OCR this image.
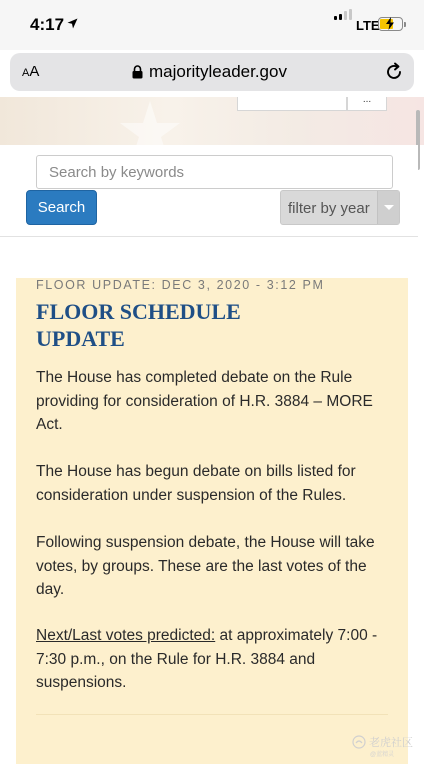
4:17	LTE
AA	majorityleader.gov
...
Search by keywords
Search	filter by year
FLOOR UPDATE: DEC 3, 2020 - 3:12 PM
FLOOR SCHEDULE
UPDATE
The House has completed debate on the Rule providing for consideration of H.R. 3884 – MORE Act.
The House has begun debate on bills listed for consideration under suspension of the Rules.
Following suspension debate, the House will take votes, by groups. These are the last votes of the day.
Next/Last votes predicted: at approximately 7:00 - 7:30 p.m., on the Rule for H.R. 3884 and suspensions.
老虎社区
@蓝精灵
